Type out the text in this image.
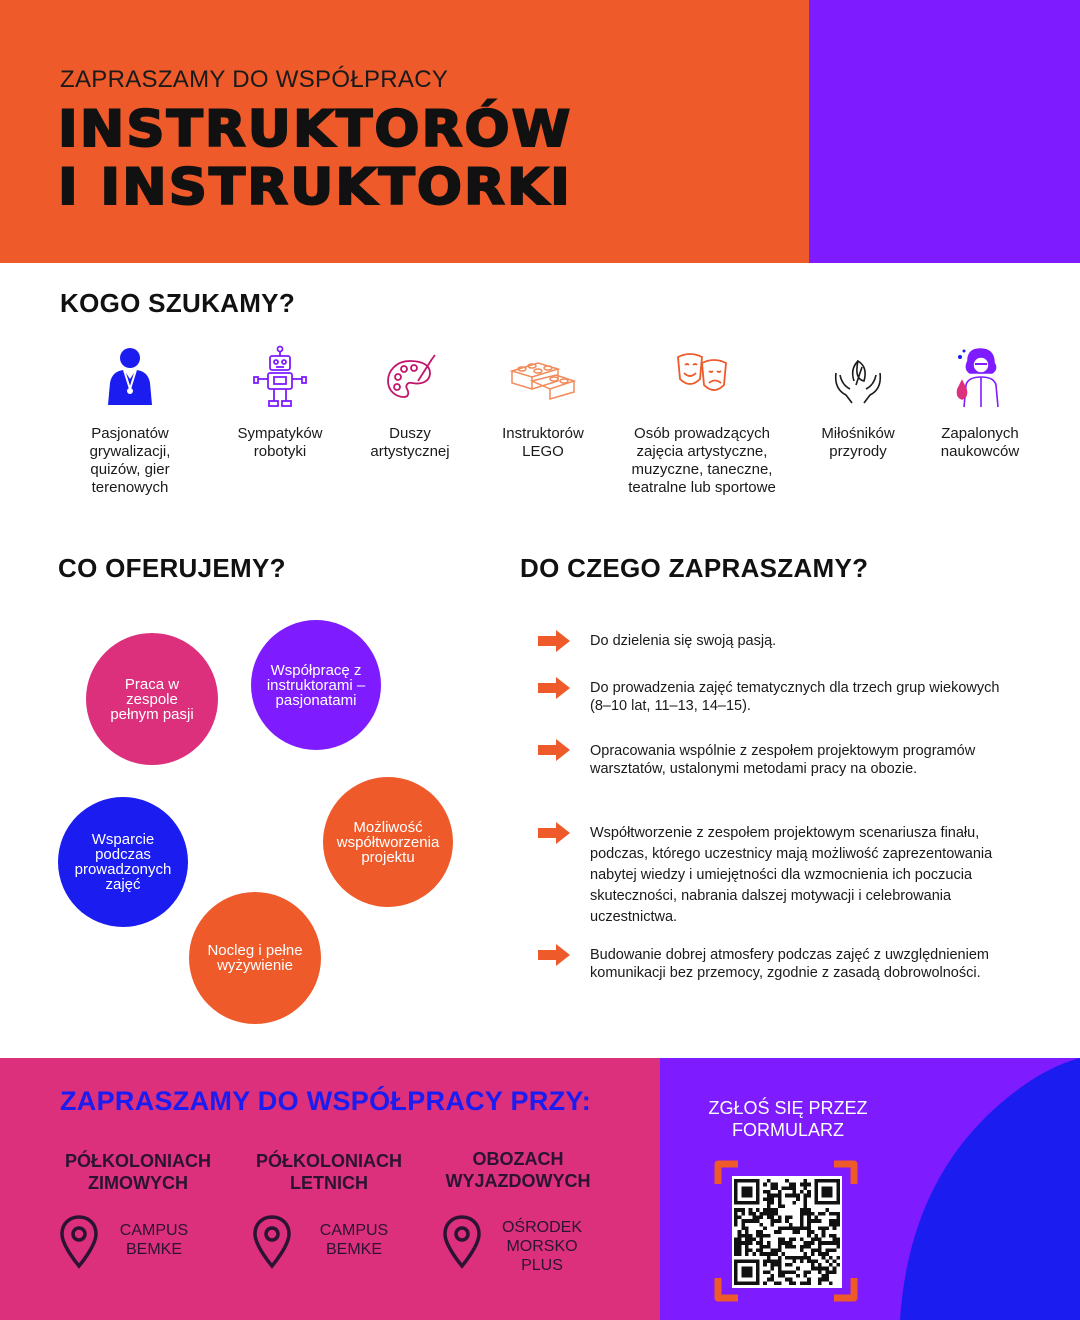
ZAPRASZAMY DO WSPÓŁPRACY
INSTRUKTORÓW
I INSTRUKTORKI
KOGO SZUKAMY?
Pasjonatów grywalizacji, quizów, gier terenowych
Sympatyków robotyki
Duszy artystycznej
Instruktorów LEGO
Osób prowadzących zajęcia artystyczne, muzyczne, taneczne, teatralne lub sportowe
Miłośników przyrody
Zapalonych naukowców
CO OFERUJEMY?
Praca w zespole pełnym pasji
Współpracę z instruktorami – pasjonatami
Wsparcie podczas prowadzonych zajęć
Możliwość współtworzenia projektu
Nocleg i pełne wyżywienie
DO CZEGO ZAPRASZAMY?
Do dzielenia się swoją pasją.
Do prowadzenia zajęć tematycznych dla trzech grup wiekowych (8–10 lat, 11–13, 14–15).
Opracowania wspólnie z zespołem projektowym programów warsztatów, ustalonymi metodami pracy na obozie.
Współtworzenie z zespołem projektowym scenariusza finału, podczas, którego uczestnicy mają możliwość zaprezentowania nabytej wiedzy i umiejętności dla wzmocnienia ich poczucia skuteczności, nabrania dalszej motywacji i celebrowania uczestnictwa.
Budowanie dobrej atmosfery podczas zajęć z uwzględnieniem komunikacji bez przemocy, zgodnie z zasadą dobrowolności.
ZAPRASZAMY DO WSPÓŁPRACY PRZY:
PÓŁKOLONIACH ZIMOWYCH
PÓŁKOLONIACH LETNICH
OBOZACH WYJAZDOWYCH
CAMPUS BEMKE
CAMPUS BEMKE
OŚRODEK MORSKO PLUS
ZGŁOŚ SIĘ PRZEZ FORMULARZ
